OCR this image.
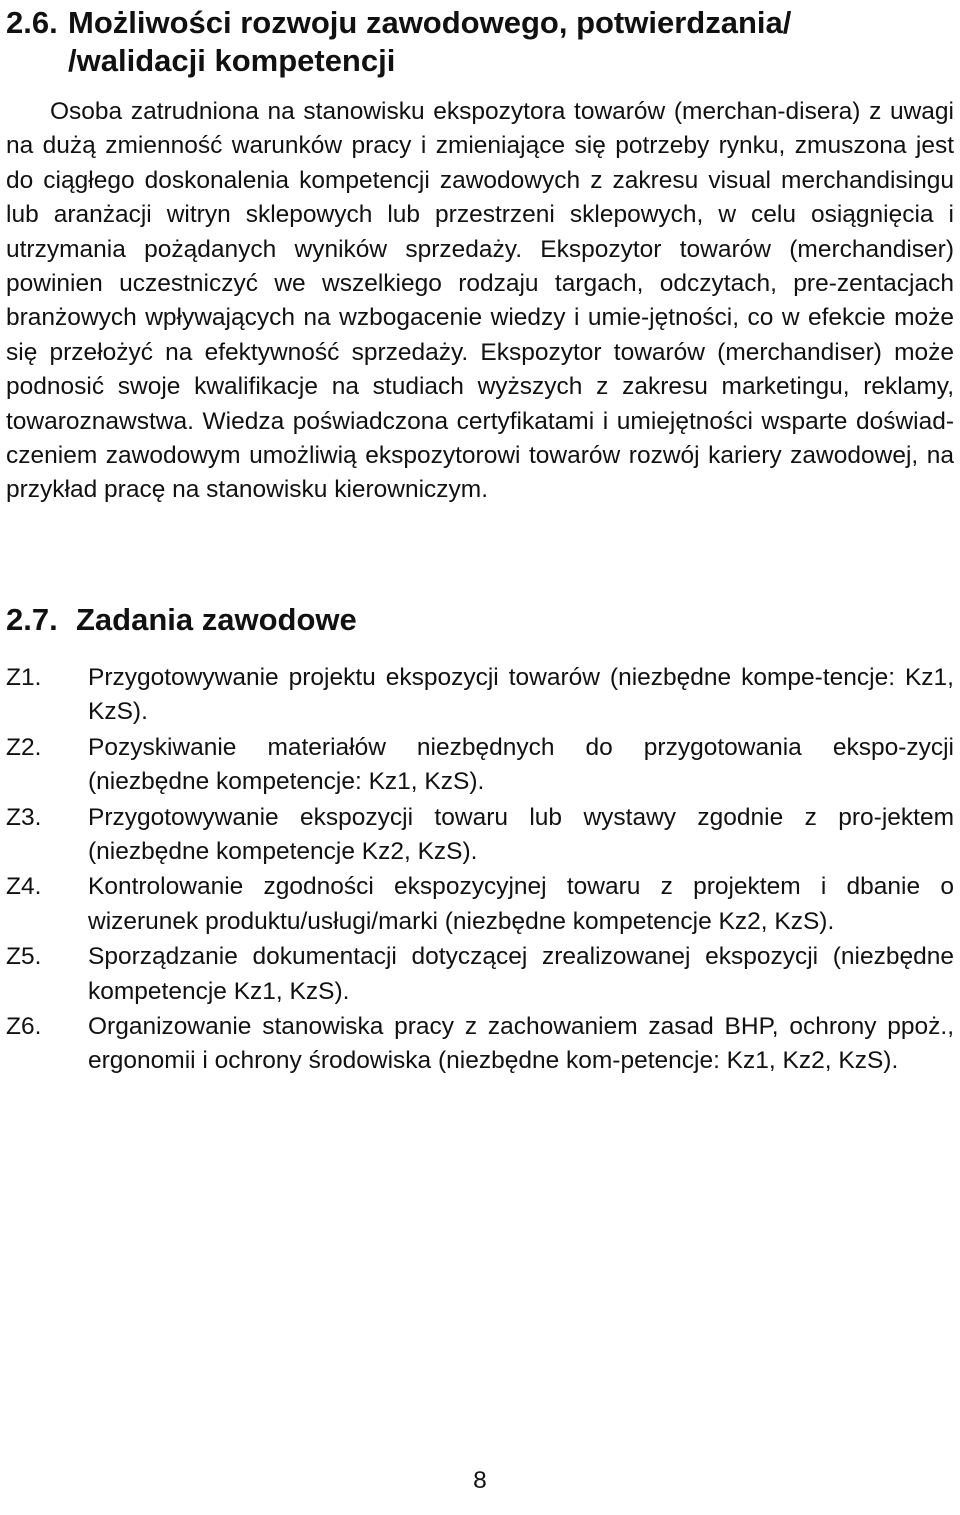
2.6. Możliwości rozwoju zawodowego, potwierdzania/
/walidacji kompetencji

Osoba zatrudniona na stanowisku ekspozytora towarów (merchan-disera) z uwagi na dużą zmienność warunków pracy i zmieniające się potrzeby rynku, zmuszona jest do ciągłego doskonalenia kompetencji zawodowych z zakresu visual merchandisingu lub aranżacji witryn sklepowych lub przestrzeni sklepowych, w celu osiągnięcia i utrzymania pożądanych wyników sprzedaży. Ekspozytor towarów (merchandiser) powinien uczestniczyć we wszelkiego rodzaju targach, odczytach, pre-zentacjach branżowych wpływających na wzbogacenie wiedzy i umie-jętności, co w efekcie może się przełożyć na efektywność sprzedaży. Ekspozytor towarów (merchandiser) może podnosić swoje kwalifikacje na studiach wyższych z zakresu marketingu, reklamy, towaroznawstwa. Wiedza poświadczona certyfikatami i umiejętności wsparte doświad-czeniem zawodowym umożliwią ekspozytorowi towarów rozwój kariery zawodowej, na przykład pracę na stanowisku kierowniczym.

2.7. Zadania zawodowe
Z1.	Przygotowywanie projektu ekspozycji towarów (niezbędne kompe-tencje: Kz1, KzS).
Z2.	Pozyskiwanie materiałów niezbędnych do przygotowania ekspo-zycji (niezbędne kompetencje: Kz1, KzS).
Z3.	Przygotowywanie ekspozycji towaru lub wystawy zgodnie z pro-jektem (niezbędne kompetencje Kz2, KzS).
Z4.	Kontrolowanie zgodności ekspozycyjnej towaru z projektem i dbanie o wizerunek produktu/usługi/marki (niezbędne kompetencje Kz2, KzS).
Z5.	Sporządzanie dokumentacji dotyczącej zrealizowanej ekspozycji (niezbędne kompetencje Kz1, KzS).
Z6.	Organizowanie stanowiska pracy z zachowaniem zasad BHP, ochrony ppoż., ergonomii i ochrony środowiska (niezbędne kom-petencje: Kz1, Kz2, KzS).

8
